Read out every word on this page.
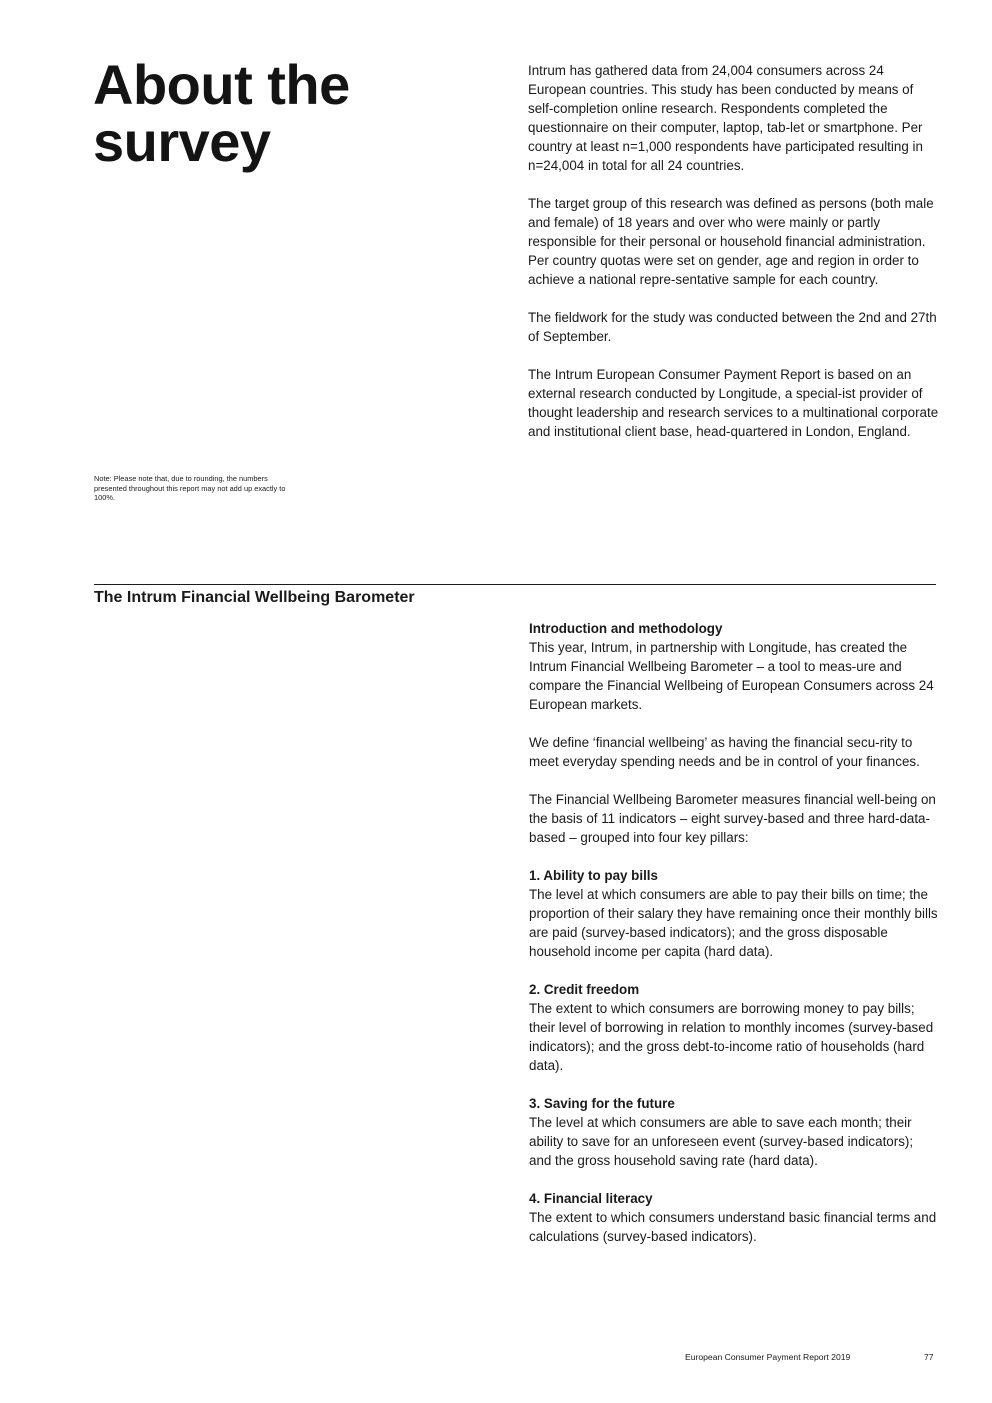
About the
survey
Note: Please note that, due to rounding, the numbers presented throughout this report may not add up exactly to 100%.

Intrum has gathered data from 24,004 consumers across 24 European countries. This study has been conducted by means of self-completion online research. Respondents completed the questionnaire on their computer, laptop, tab-let or smartphone. Per country at least n=1,000 respondents have participated resulting in n=24,004 in total for all 24 countries.

The target group of this research was defined as persons (both male and female) of 18 years and over who were mainly or partly responsible for their personal or household financial administration. Per country quotas were set on gender, age and region in order to achieve a national repre-sentative sample for each country.

The fieldwork for the study was conducted between the 2nd and 27th of September.

The Intrum European Consumer Payment Report is based on an external research conducted by Longitude, a special-ist provider of thought leadership and research services to a multinational corporate and institutional client base, head-quartered in London, England.

The Intrum Financial Wellbeing Barometer
Introduction and methodology
This year, Intrum, in partnership with Longitude, has created the Intrum Financial Wellbeing Barometer – a tool to meas-ure and compare the Financial Wellbeing of European Consumers across 24 European markets.
We define ‘financial wellbeing’ as having the financial secu-rity to meet everyday spending needs and be in control of your finances.
The Financial Wellbeing Barometer measures financial well-being on the basis of 11 indicators – eight survey-based and three hard-data-based – grouped into four key pillars:
1. Ability to pay bills
The level at which consumers are able to pay their bills on time; the proportion of their salary they have remaining once their monthly bills are paid (survey-based indicators); and the gross disposable household income per capita (hard data).
2. Credit freedom
The extent to which consumers are borrowing money to pay bills; their level of borrowing in relation to monthly incomes (survey-based indicators); and the gross debt-to-income ratio of households (hard data).
3. Saving for the future
The level at which consumers are able to save each month; their ability to save for an unforeseen event (survey-based indicators); and the gross household saving rate (hard data).
4. Financial literacy
The extent to which consumers understand basic financial terms and calculations (survey-based indicators).
European Consumer Payment Report 2019	77
